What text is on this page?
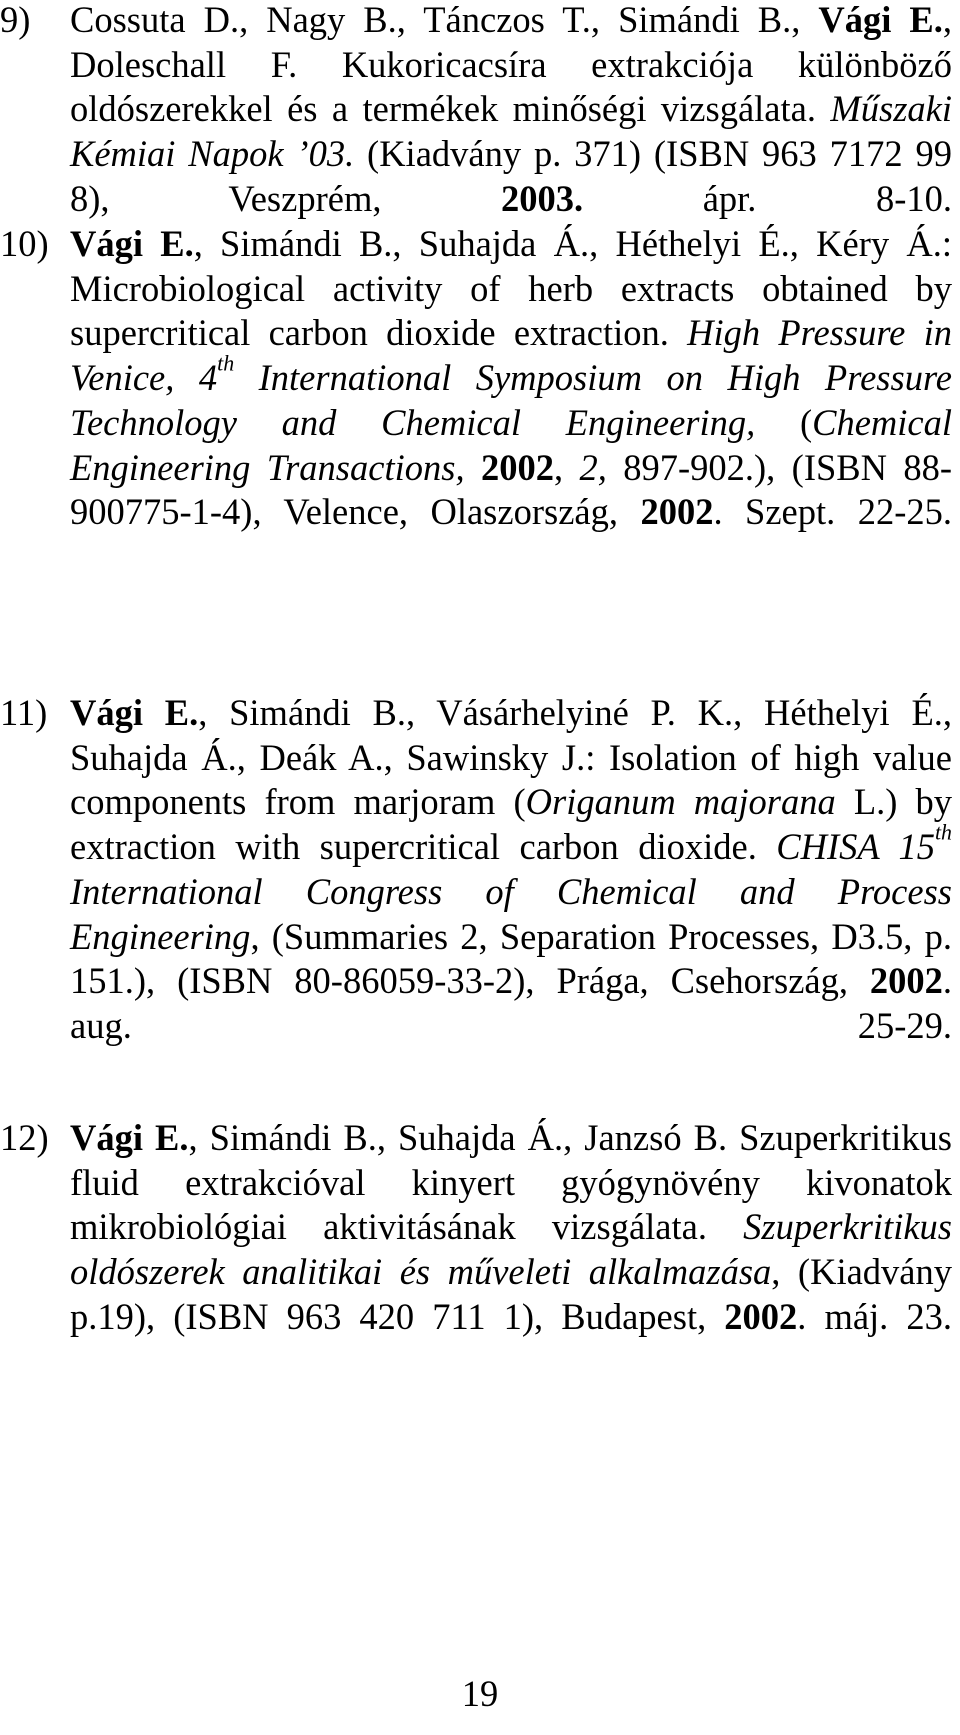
9) Cossuta D., Nagy B., Tánczos T., Simándi B., Vági E., Doleschall F. Kukoricacsíra extrakciója különböző oldószerekkel és a termékek minőségi vizsgálata. Műszaki Kémiai Napok ’03. (Kiadvány p. 371) (ISBN 963 7172 99 8), Veszprém, 2003. ápr. 8-10.
10) Vági E., Simándi B., Suhajda Á., Héthelyi É., Kéry Á.: Microbiological activity of herb extracts obtained by supercritical carbon dioxide extraction. High Pressure in Venice, 4th International Symposium on High Pressure Technology and Chemical Engineering, (Chemical Engineering Transactions, 2002, 2, 897-902.), (ISBN 88-900775-1-4), Velence, Olaszország, 2002. Szept. 22-25.
11) Vági E., Simándi B., Vásárhelyiné P. K., Héthelyi É., Suhajda Á., Deák A., Sawinsky J.: Isolation of high value components from marjoram (Origanum majorana L.) by extraction with supercritical carbon dioxide. CHISA 15th International Congress of Chemical and Process Engineering, (Summaries 2, Separation Processes, D3.5, p. 151.), (ISBN 80-86059-33-2), Prága, Csehország, 2002. aug. 25-29.
12) Vági E., Simándi B., Suhajda Á., Janzsó B. Szuperkritikus fluid extrakcióval kinyert gyógynövény kivonatok mikrobiológiai aktivitásának vizsgálata. Szuperkritikus oldószerek analitikai és műveleti alkalmazása, (Kiadvány p.19), (ISBN 963 420 711 1), Budapest, 2002. máj. 23.
19
